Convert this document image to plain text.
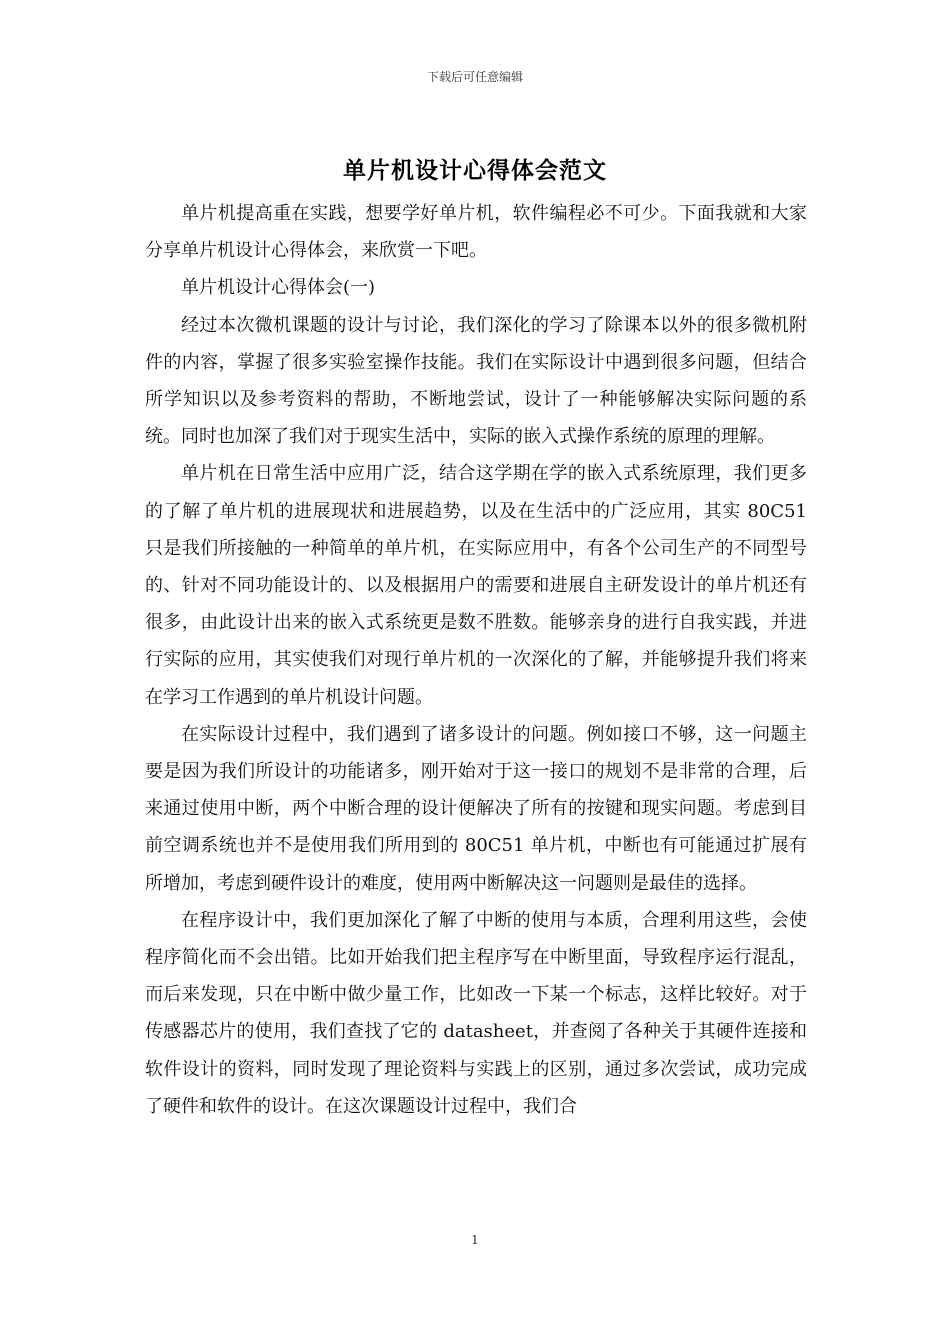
下载后可任意编辑
单片机设计心得体会范文

单片机提高重在实践，想要学好单片机，软件编程必不可少。下面我就和大家分享单片机设计心得体会，来欣赏一下吧。

单片机设计心得体会(一)

经过本次微机课题的设计与讨论，我们深化的学习了除课本以外的很多微机附件的内容，掌握了很多实验室操作技能。我们在实际设计中遇到很多问题，但结合所学知识以及参考资料的帮助，不断地尝试，设计了一种能够解决实际问题的系统。同时也加深了我们对于现实生活中，实际的嵌入式操作系统的原理的理解。

单片机在日常生活中应用广泛，结合这学期在学的嵌入式系统原理，我们更多的了解了单片机的进展现状和进展趋势，以及在生活中的广泛应用，其实 80C51 只是我们所接触的一种简单的单片机，在实际应用中，有各个公司生产的不同型号的、针对不同功能设计的、以及根据用户的需要和进展自主研发设计的单片机还有很多，由此设计出来的嵌入式系统更是数不胜数。能够亲身的进行自我实践，并进行实际的应用，其实使我们对现行单片机的一次深化的了解，并能够提升我们将来在学习工作遇到的单片机设计问题。

在实际设计过程中，我们遇到了诸多设计的问题。例如接口不够，这一问题主要是因为我们所设计的功能诸多，刚开始对于这一接口的规划不是非常的合理，后来通过使用中断，两个中断合理的设计便解决了所有的按键和现实问题。考虑到目前空调系统也并不是使用我们所用到的 80C51 单片机，中断也有可能通过扩展有所增加，考虑到硬件设计的难度，使用两中断解决这一问题则是最佳的选择。

在程序设计中，我们更加深化了解了中断的使用与本质，合理利用这些，会使程序简化而不会出错。比如开始我们把主程序写在中断里面，导致程序运行混乱，而后来发现，只在中断中做少量工作，比如改一下某一个标志，这样比较好。对于传感器芯片的使用，我们查找了它的 datasheet，并查阅了各种关于其硬件连接和软件设计的资料，同时发现了理论资料与实践上的区别，通过多次尝试，成功完成了硬件和软件的设计。在这次课题设计过程中，我们合

1
